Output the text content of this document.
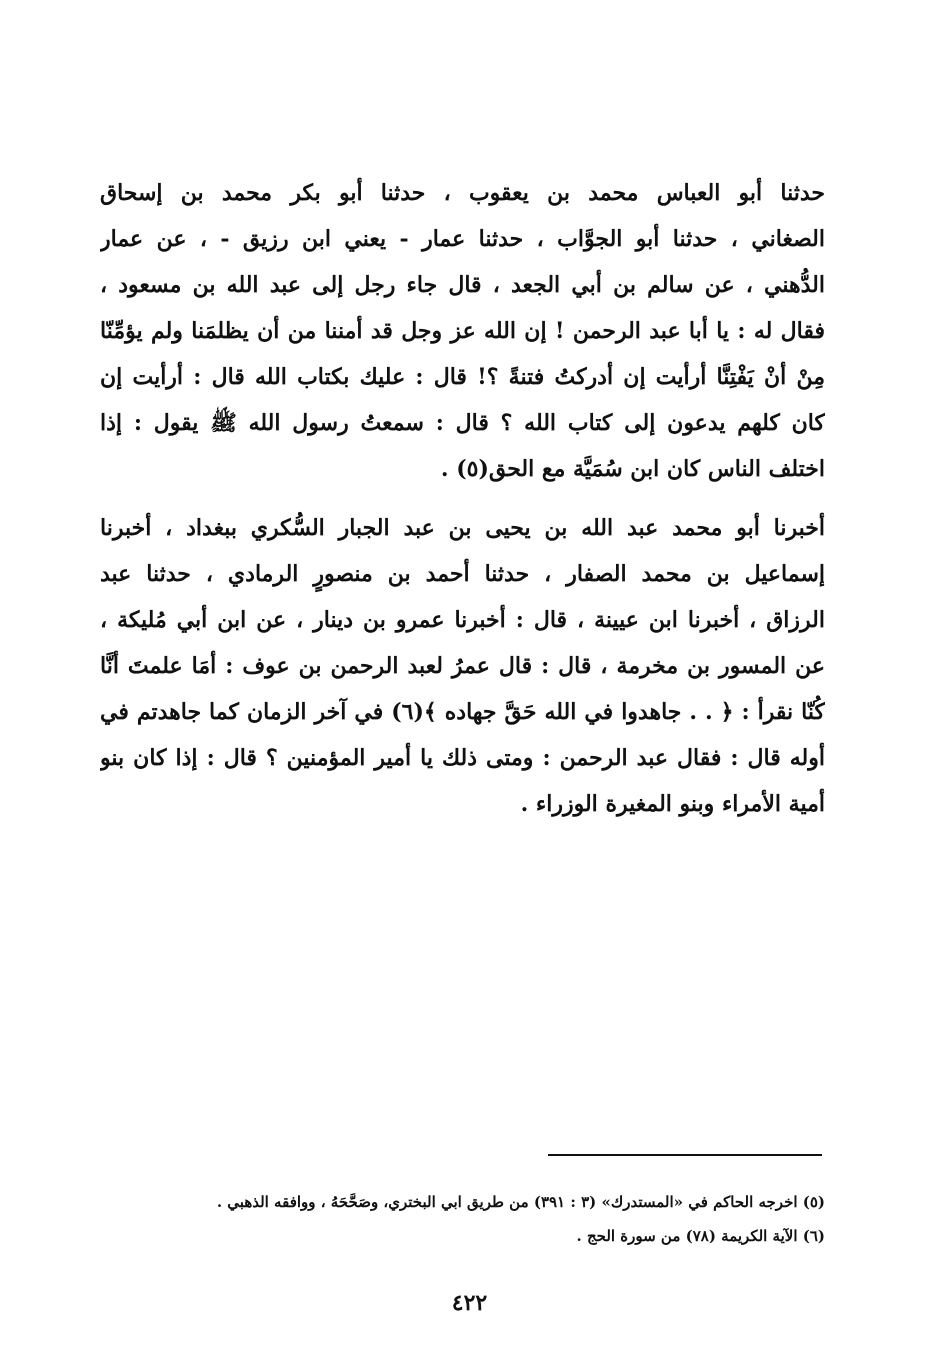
حدثنا أبو العباس محمد بن يعقوب ، حدثنا أبو بكر محمد بن إسحاق
الصغاني ، حدثنا أبو الجوَّاب ، حدثنا عمار - يعني ابن رزيق - ، عن عمار
الدُّهني ، عن سالم بن أبي الجعد ، قال جاء رجل إلى عبد الله بن مسعود ،
فقال له : يا أبا عبد الرحمن ! إن الله عز وجل قد أمننا من أن يظلمَنا ولم يؤمِّنّا
مِنْ أنْ يَفْتِنَّا أرأيت إن أدركتُ فتنةً ؟! قال : عليك بكتاب الله قال : أرأيت إن
كان كلهم يدعون إلى كتاب الله ؟ قال : سمعتُ رسول الله ﷺ يقول : إذا
اختلف الناس كان ابن سُمَيَّة مع الحق(٥) .
أخبرنا أبو محمد عبد الله بن يحيى بن عبد الجبار السُّكري ببغداد ، أخبرنا
إسماعيل بن محمد الصفار ، حدثنا أحمد بن منصورٍ الرمادي ، حدثنا عبد
الرزاق ، أخبرنا ابن عيينة ، قال : أخبرنا عمرو بن دينار ، عن ابن أبي مُليكة ،
عن المسور بن مخرمة ، قال : قال عمرُ لعبد الرحمن بن عوف : أمَا علمتَ أنَّا
كُنّا نقرأ : ﴿ . . جاهدوا في الله حَقَّ جهاده ﴾(٦) في آخر الزمان كما جاهدتم في
أوله قال : فقال عبد الرحمن : ومتى ذلك يا أمير المؤمنين ؟ قال : إذا كان بنو
أمية الأمراء وبنو المغيرة الوزراء .
(٥) اخرجه الحاكم في «المستدرك» (٣ : ٣٩١) من طريق ابي البختري، وصَحَّحَهُ ، ووافقه الذهبي .
(٦) الآية الكريمة (٧٨) من سورة الحج .
٤٢٢
